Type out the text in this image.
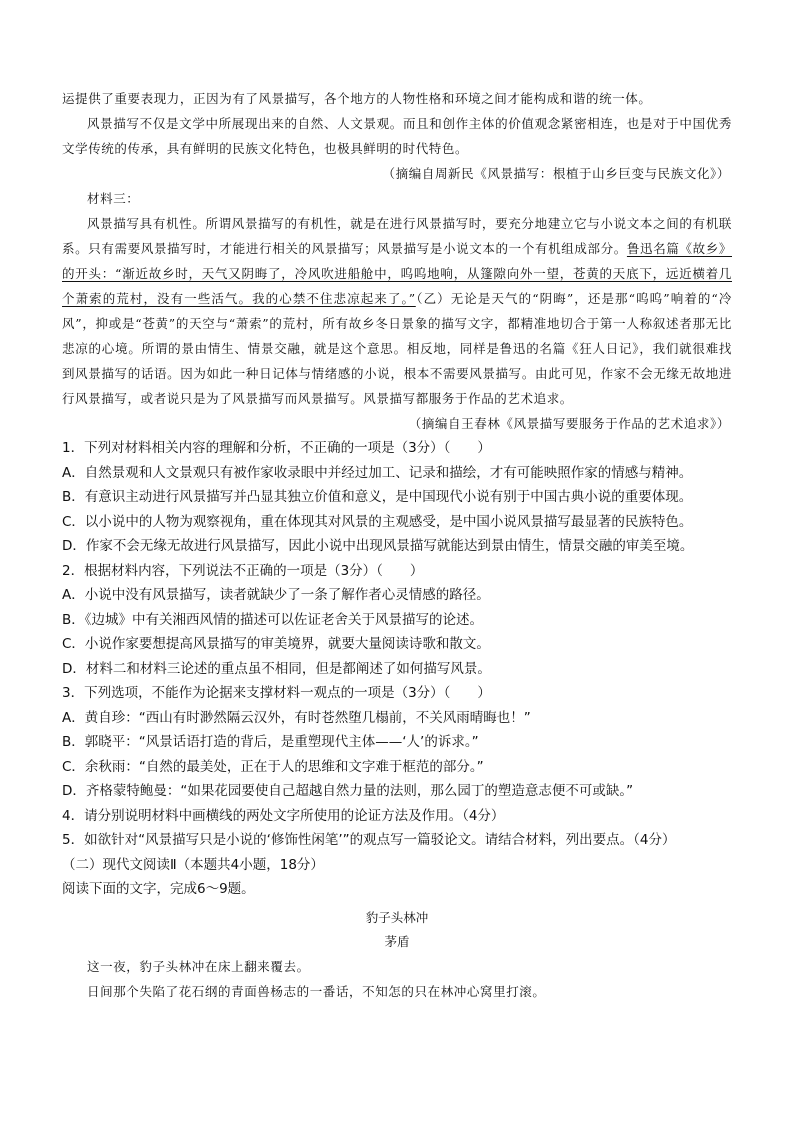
运提供了重要表现力，正因为有了风景描写，各个地方的人物性格和环境之间才能构成和谐的统一体。

风景描写不仅是文学中所展现出来的自然、人文景观。而且和创作主体的价值观念紧密相连，也是对于中国优秀文学传统的传承，具有鲜明的民族文化特色，也极具鲜明的时代特色。

（摘编自周新民《风景描写：根植于山乡巨变与民族文化》）

材料三：

风景描写具有机性。所谓风景描写的有机性，就是在进行风景描写时，要充分地建立它与小说文本之间的有机联系。只有需要风景描写时，才能进行相关的风景描写；风景描写是小说文本的一个有机组成部分。鲁迅名篇《故乡》的开头：“渐近故乡时，天气又阴晦了，冷风吹进船舱中，呜呜地响，从篷隙向外一望，苍黄的天底下，远近横着几个萧索的荒村，没有一些活气。我的心禁不住悲凉起来了。”（乙）无论是天气的“阴晦”，还是那“呜呜”响着的“冷风”，抑或是“苍黄”的天空与“萧索”的荒村，所有故乡冬日景象的描写文字，都精准地切合于第一人称叙述者那无比悲凉的心境。所谓的景由情生、情景交融，就是这个意思。相反地，同样是鲁迅的名篇《狂人日记》，我们就很难找到风景描写的话语。因为如此一种日记体与情绪感的小说，根本不需要风景描写。由此可见，作家不会无缘无故地进行风景描写，或者说只是为了风景描写而风景描写。风景描写都服务于作品的艺术追求。

（摘编自王春林《风景描写要服务于作品的艺术追求》）

1．下列对材料相关内容的理解和分析，不正确的一项是（3分）（　　）

A．自然景观和人文景观只有被作家收录眼中并经过加工、记录和描绘，才有可能映照作家的情感与精神。

B．有意识主动进行风景描写并凸显其独立价值和意义，是中国现代小说有别于中国古典小说的重要体现。

C．以小说中的人物为观察视角，重在体现其对风景的主观感受，是中国小说风景描写最显著的民族特色。

D．作家不会无缘无故进行风景描写，因此小说中出现风景描写就能达到景由情生，情景交融的审美至境。

2．根据材料内容，下列说法不正确的一项是（3分）（　　）

A．小说中没有风景描写，读者就缺少了一条了解作者心灵情感的路径。

B．《边城》中有关湘西风情的描述可以佐证老舍关于风景描写的论述。

C．小说作家要想提高风景描写的审美境界，就要大量阅读诗歌和散文。

D．材料二和材料三论述的重点虽不相同，但是都阐述了如何描写风景。

3．下列选项，不能作为论据来支撑材料一观点的一项是（3分）（　　）

A．黄自珍：“西山有时渺然隔云汉外，有时苍然堕几榻前，不关风雨晴晦也！”

B．郭晓平：“风景话语打造的背后，是重塑现代主体——‘人’的诉求。”

C．余秋雨：“自然的最美处，正在于人的思维和文字难于框范的部分。”

D．齐格蒙特鲍曼：“如果花园要使自己超越自然力量的法则，那么园丁的塑造意志便不可或缺。”

4．请分别说明材料中画横线的两处文字所使用的论证方法及作用。（4分）

5．如欲针对“风景描写只是小说的‘修饰性闲笔’”的观点写一篇驳论文。请结合材料，列出要点。（4分）

（二）现代文阅读Ⅱ（本题共4小题，18分）

阅读下面的文字，完成6～9题。

豹子头林冲

茅盾

这一夜，豹子头林冲在床上翻来覆去。

日间那个失陷了花石纲的青面兽杨志的一番话，不知怎的只在林冲心窝里打滚。
